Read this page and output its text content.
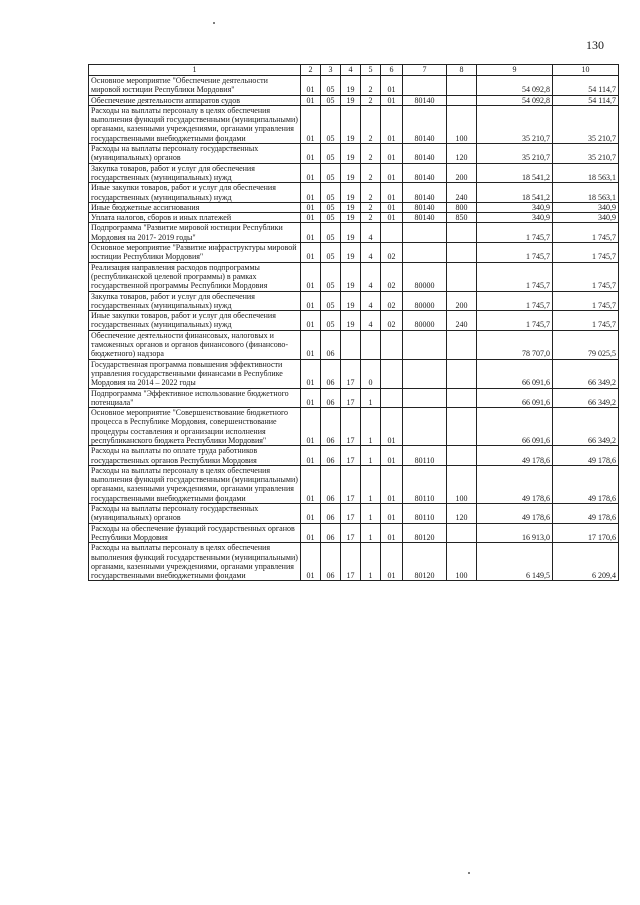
130
1	2	3	4	5	6	7	8	9	10
Основное мероприятие "Обеспечение деятельности мировой юстиции Республики Мордовия"	01	05	19	2	01			54 092,8	54 114,7
Обеспечение деятельности аппаратов судов	01	05	19	2	01	80140		54 092,8	54 114,7
Расходы на выплаты персоналу в целях обеспечения выполнения функций государственными (муниципальными) органами, казенными учреждениями, органами управления государственными внебюджетными фондами	01	05	19	2	01	80140	100	35 210,7	35 210,7
Расходы на выплаты персоналу государственных (муниципальных) органов	01	05	19	2	01	80140	120	35 210,7	35 210,7
Закупка товаров, работ и услуг для обеспечения государственных (муниципальных) нужд	01	05	19	2	01	80140	200	18 541,2	18 563,1
Иные закупки товаров, работ и услуг для обеспечения государственных (муниципальных) нужд	01	05	19	2	01	80140	240	18 541,2	18 563,1
Иные бюджетные ассигнования	01	05	19	2	01	80140	800	340,9	340,9
Уплата налогов, сборов и иных платежей	01	05	19	2	01	80140	850	340,9	340,9
Подпрограмма "Развитие мировой юстиции Республики Мордовия на 2017- 2019 годы"	01	05	19	4				1 745,7	1 745,7
Основное мероприятие "Развитие инфраструктуры мировой юстиции Республики Мордовия"	01	05	19	4	02			1 745,7	1 745,7
Реализация направления расходов подпрограммы (республиканской целевой программы) в рамках государственной программы Республики Мордовия	01	05	19	4	02	80000		1 745,7	1 745,7
Закупка товаров, работ и услуг для обеспечения государственных (муниципальных) нужд	01	05	19	4	02	80000	200	1 745,7	1 745,7
Иные закупки товаров, работ и услуг для обеспечения государственных (муниципальных) нужд	01	05	19	4	02	80000	240	1 745,7	1 745,7
Обеспечение деятельности финансовых, налоговых и таможенных органов и органов финансового (финансово-бюджетного) надзора	01	06						78 707,0	79 025,5
Государственная программа повышения эффективности управления государственными финансами в Республике Мордовия на 2014 – 2022 годы	01	06	17	0				66 091,6	66 349,2
Подпрограмма "Эффективное использование бюджетного потенциала"	01	06	17	1				66 091,6	66 349,2
Основное мероприятие "Совершенствование бюджетного процесса в Республике Мордовия, совершенствование процедуры составления и организации исполнения республиканского бюджета Республики Мордовия"	01	06	17	1	01			66 091,6	66 349,2
Расходы на выплаты по оплате труда работников государственных органов Республики Мордовия	01	06	17	1	01	80110		49 178,6	49 178,6
Расходы на выплаты персоналу в целях обеспечения выполнения функций государственными (муниципальными) органами, казенными учреждениями, органами управления государственными внебюджетными фондами	01	06	17	1	01	80110	100	49 178,6	49 178,6
Расходы на выплаты персоналу государственных (муниципальных) органов	01	06	17	1	01	80110	120	49 178,6	49 178,6
Расходы на обеспечение функций государственных органов Республики Мордовия	01	06	17	1	01	80120		16 913,0	17 170,6
Расходы на выплаты персоналу в целях обеспечения выполнения функций государственными (муниципальными) органами, казенными учреждениями, органами управления государственными внебюджетными фондами	01	06	17	1	01	80120	100	6 149,5	6 209,4
